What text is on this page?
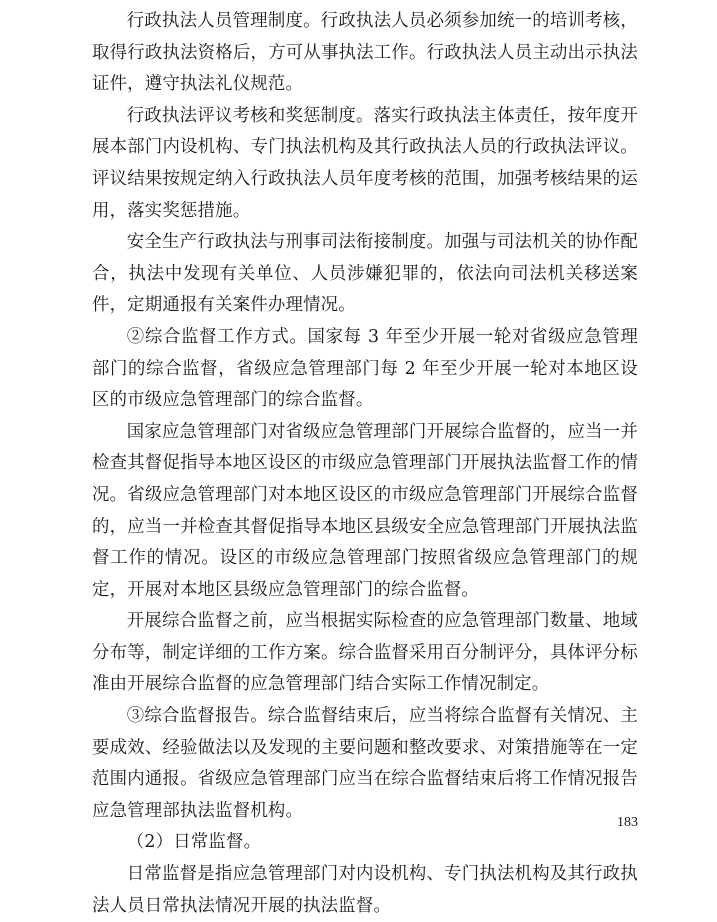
行政执法人员管理制度。行政执法人员必须参加统一的培训考核，取得行政执法资格后，方可从事执法工作。行政执法人员主动出示执法证件，遵守执法礼仪规范。

行政执法评议考核和奖惩制度。落实行政执法主体责任，按年度开展本部门内设机构、专门执法机构及其行政执法人员的行政执法评议。评议结果按规定纳入行政执法人员年度考核的范围，加强考核结果的运用，落实奖惩措施。

安全生产行政执法与刑事司法衔接制度。加强与司法机关的协作配合，执法中发现有关单位、人员涉嫌犯罪的，依法向司法机关移送案件，定期通报有关案件办理情况。

②综合监督工作方式。国家每 3 年至少开展一轮对省级应急管理部门的综合监督，省级应急管理部门每 2 年至少开展一轮对本地区设区的市级应急管理部门的综合监督。

国家应急管理部门对省级应急管理部门开展综合监督的，应当一并检查其督促指导本地区设区的市级应急管理部门开展执法监督工作的情况。省级应急管理部门对本地区设区的市级应急管理部门开展综合监督的，应当一并检查其督促指导本地区县级安全应急管理部门开展执法监督工作的情况。设区的市级应急管理部门按照省级应急管理部门的规定，开展对本地区县级应急管理部门的综合监督。

开展综合监督之前，应当根据实际检查的应急管理部门数量、地域分布等，制定详细的工作方案。综合监督采用百分制评分，具体评分标准由开展综合监督的应急管理部门结合实际工作情况制定。

③综合监督报告。综合监督结束后，应当将综合监督有关情况、主要成效、经验做法以及发现的主要问题和整改要求、对策措施等在一定范围内通报。省级应急管理部门应当在综合监督结束后将工作情况报告应急管理部执法监督机构。

（2）日常监督。

日常监督是指应急管理部门对内设机构、专门执法机构及其行政执法人员日常执法情况开展的执法监督。

183
